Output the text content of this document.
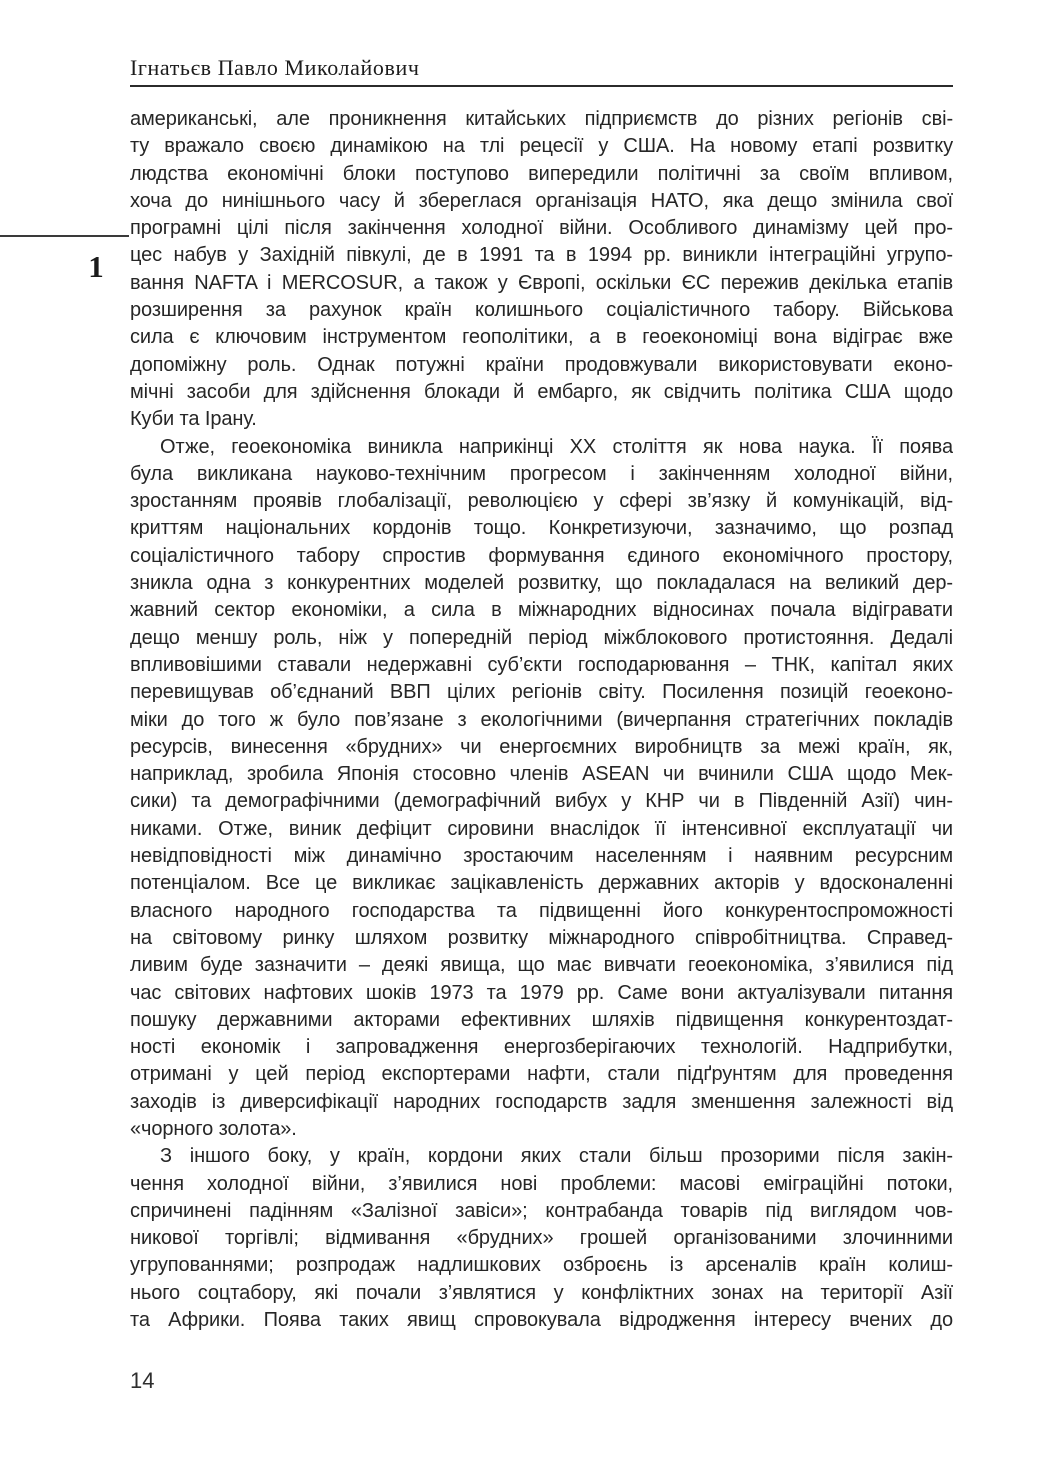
Ігнатьєв Павло Миколайович
1
американські, але проникнення китайських підприємств до різних регіонів сві-
ту вражало своєю динамікою на тлі рецесії у США. На новому етапі розвитку
людства економічні блоки поступово випередили політичні за своїм впливом,
хоча до нинішнього часу й збереглася організація НАТО, яка дещо змінила свої
програмні цілі після закінчення холодної війни. Особливого динамізму цей про-
цес набув у Західній півкулі, де в 1991 та в 1994 рр. виникли інтеграційні угрупо-
вання NAFTA і MERCOSUR, а також у Європі, оскільки ЄС пережив декілька етапів
розширення за рахунок країн колишнього соціалістичного табору. Військова
сила є ключовим інструментом геополітики, а в геоекономіці вона відіграє вже
допоміжну роль. Однак потужні країни продовжували використовувати еконо-
мічні засоби для здійснення блокади й ембарго, як свідчить політика США щодо
Куби та Ірану.
Отже, геоекономіка виникла наприкінці ХХ століття як нова наука. Її поява
була викликана науково-технічним прогресом і закінченням холодної війни,
зростанням проявів глобалізації, революцією у сфері зв’язку й комунікацій, від-
криттям національних кордонів тощо. Конкретизуючи, зазначимо, що розпад
соціалістичного табору спростив формування єдиного економічного простору,
зникла одна з конкурентних моделей розвитку, що покладалася на великий дер-
жавний сектор економіки, а сила в міжнародних відносинах почала відігравати
дещо меншу роль, ніж у попередній період міжблокового протистояння. Дедалі
впливовішими ставали недержавні суб’єкти господарювання – ТНК, капітал яких
перевищував об’єднаний ВВП цілих регіонів світу. Посилення позицій геоеконо-
міки до того ж було пов’язане з екологічними (вичерпання стратегічних покладів
ресурсів, винесення «брудних» чи енергоємних виробництв за межі країн, як,
наприклад, зробила Японія стосовно членів ASEAN чи вчинили США щодо Мек-
сики) та демографічними (демографічний вибух у КНР чи в Південній Азії) чин-
никами. Отже, виник дефіцит сировини внаслідок її інтенсивної експлуатації чи
невідповідності між динамічно зростаючим населенням і наявним ресурсним
потенціалом. Все це викликає зацікавленість державних акторів у вдосконаленні
власного народного господарства та підвищенні його конкурентоспроможності
на світовому ринку шляхом розвитку міжнародного співробітництва. Справед-
ливим буде зазначити – деякі явища, що має вивчати геоекономіка, з’явилися під
час світових нафтових шоків 1973 та 1979 рр. Саме вони актуалізували питання
пошуку державними акторами ефективних шляхів підвищення конкурентоздат-
ності економік і запровадження енергозберігаючих технологій. Надприбутки,
отримані у цей період експортерами нафти, стали підґрунтям для проведення
заходів із диверсифікації народних господарств задля зменшення залежності від
«чорного золота».
З іншого боку, у країн, кордони яких стали більш прозорими після закін-
чення холодної війни, з’явилися нові проблеми: масові еміграційні потоки,
спричинені падінням «Залізної завіси»; контрабанда товарів під виглядом чов-
никової торгівлі; відмивання «брудних» грошей організованими злочинними
угрупованнями; розпродаж надлишкових озброєнь із арсеналів країн колиш-
нього соцтабору, які почали з’являтися у конфліктних зонах на території Азії
та Африки. Поява таких явищ спровокувала відродження інтересу вчених до
14
